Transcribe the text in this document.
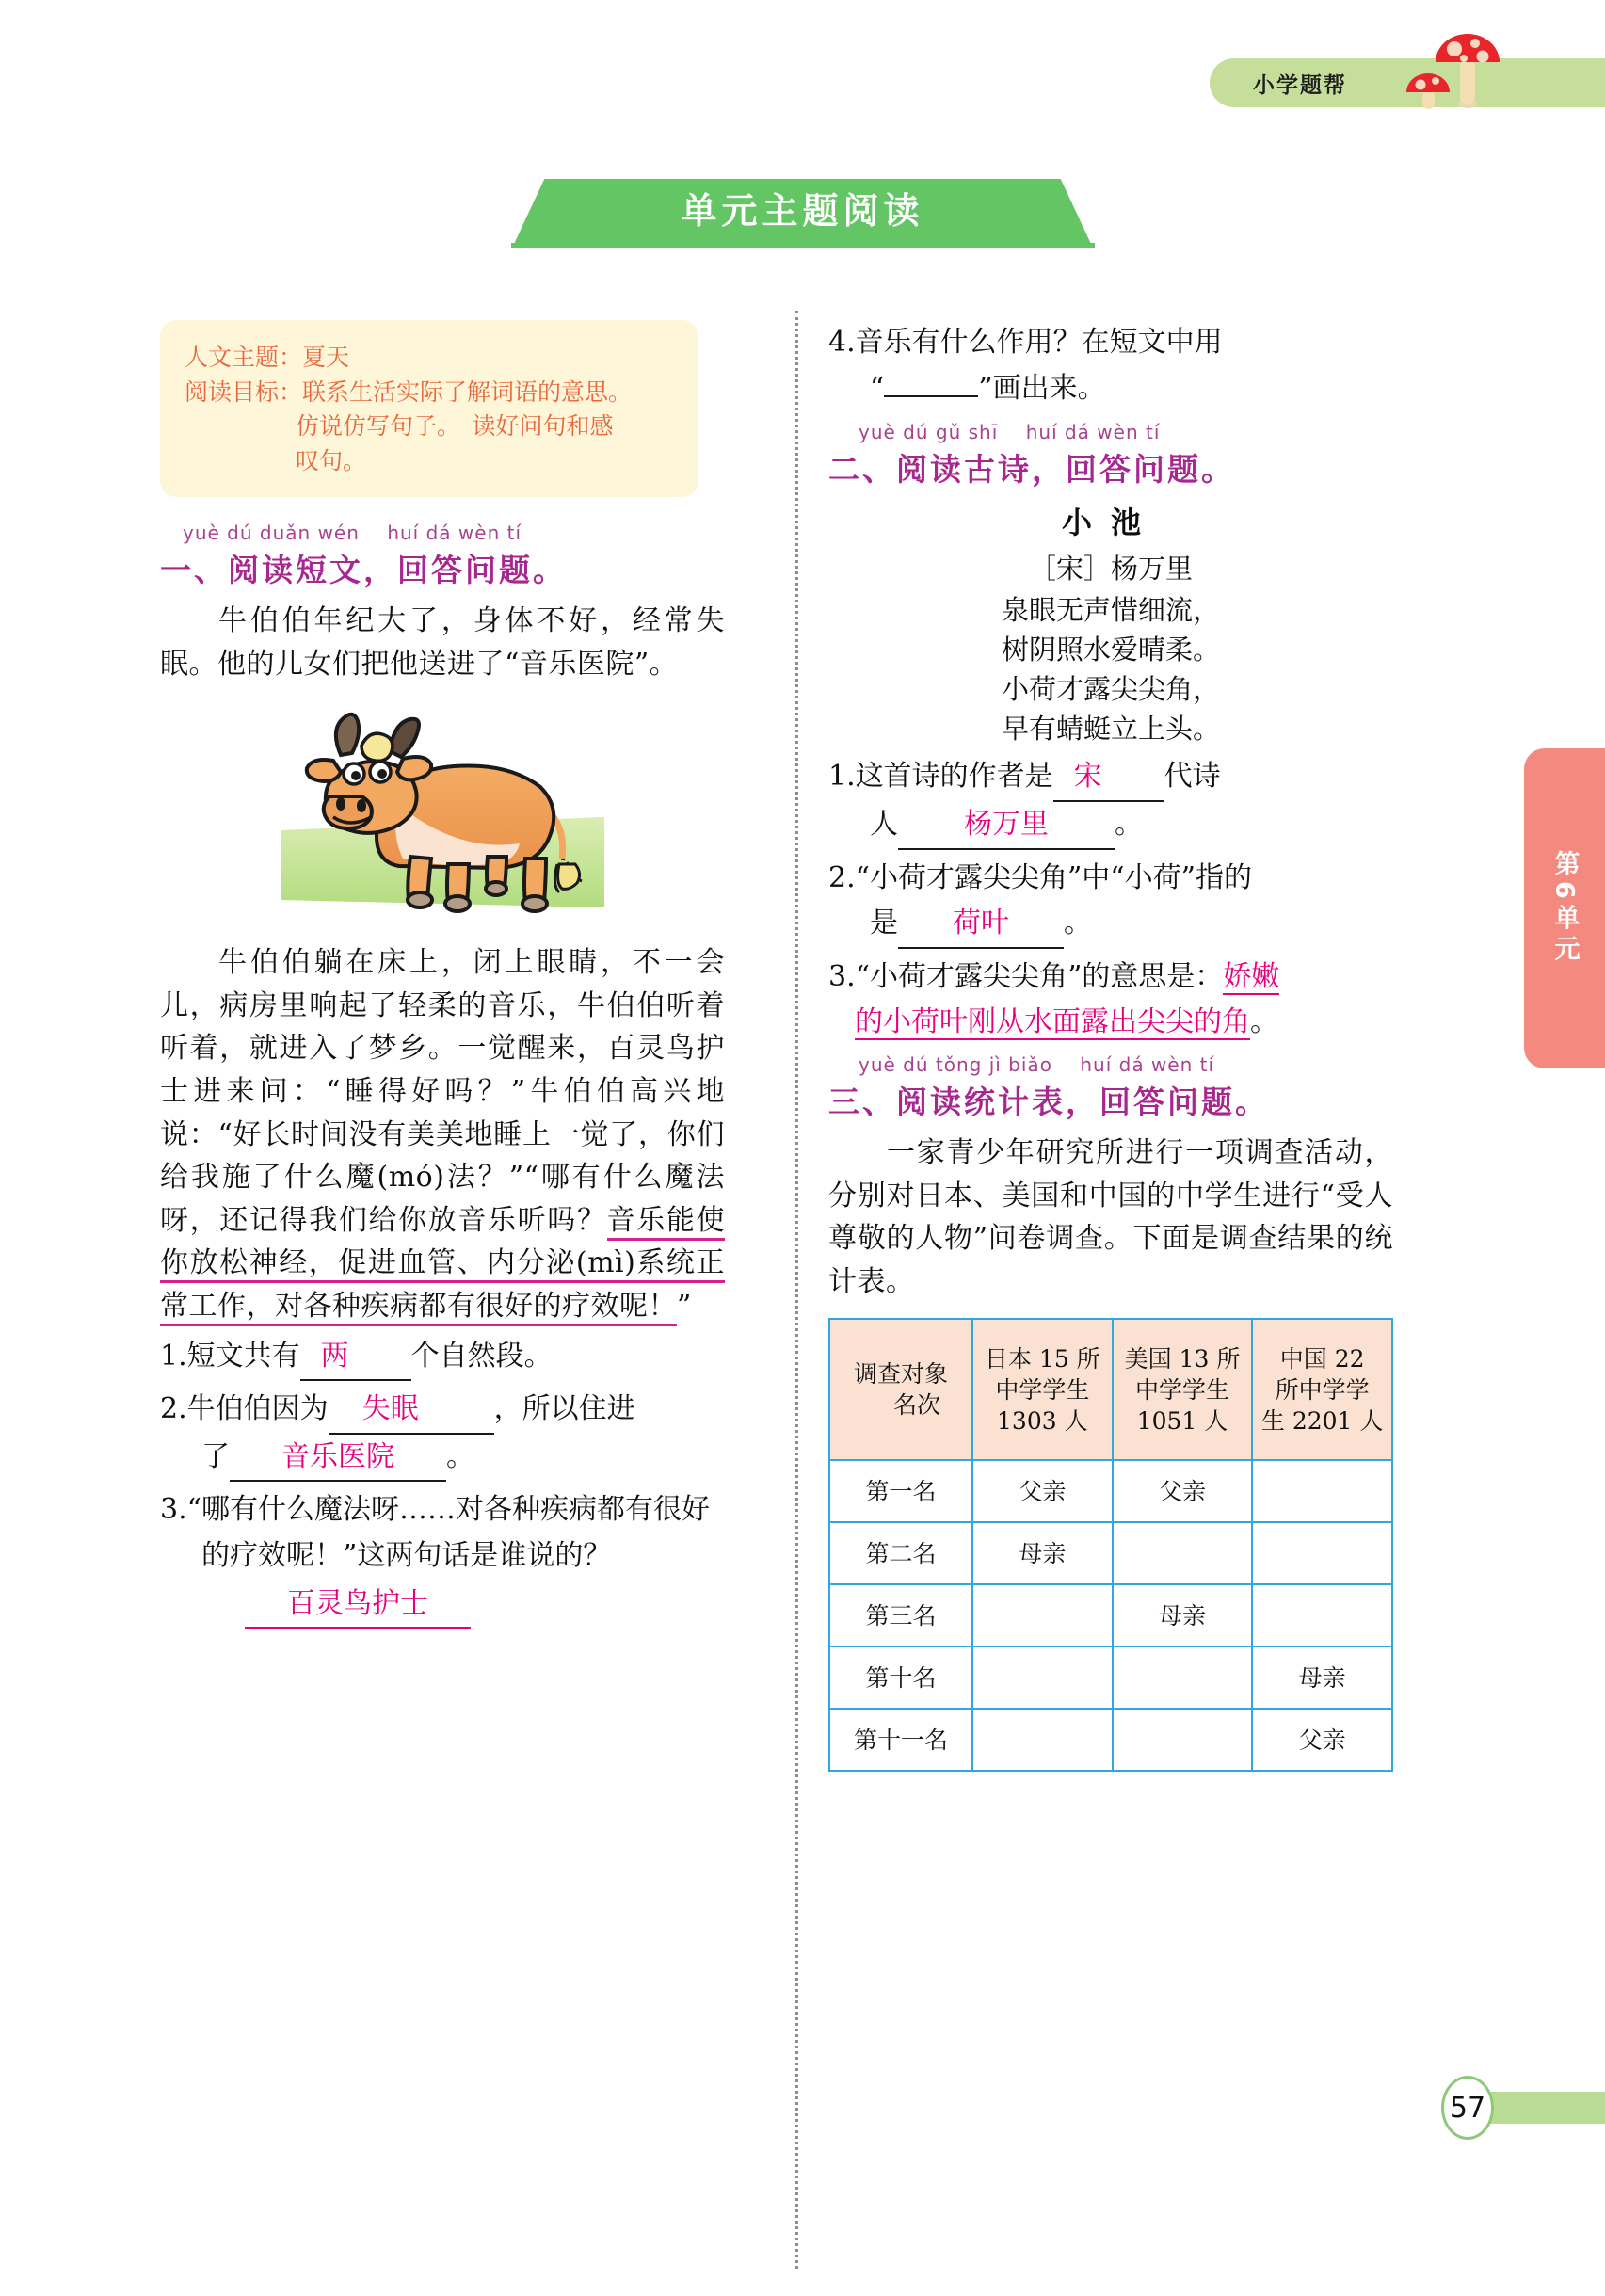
小学题帮
单元主题阅读
第6单元
人文主题： 夏天
阅读目标： 联系生活实际了解词语的意思。
仿说仿写句子。　读好问句和感
叹句。
yuè dú duǎn wén    huí dá wèn tí
一、阅读短文，回答问题。
牛伯伯年纪大了，身体不好，经常失眠。他的儿女们把他送进了“音乐医院”。
牛伯伯躺在床上，闭上眼睛，不一会儿，病房里响起了轻柔的音乐，牛伯伯听着听着，就进入了梦乡。一觉醒来，百灵鸟护士进来问：“睡得好吗？”牛伯伯高兴地说：“好长时间没有美美地睡上一觉了，你们给我施了什么魔(mó)法？”“哪有什么魔法呀，还记得我们给你放音乐听吗？音乐能使你放松神经，促进血管、内分泌(mì)系统正常工作，对各种疾病都有很好的疗效呢！”
1.短文共有 两 个自然段。
2.牛伯伯因为 失眠	，所以住进
了 音乐医院 。
3.“哪有什么魔法呀……对各种疾病都有很好的疗效呢！”这两句话是谁说的？
百灵鸟护士
4.音乐有什么作用？在短文中用
“	”画出来。
yuè dú gǔ shī    huí dá wèn tí
二、阅读古诗，回答问题。
小池
［宋］杨万里
泉眼无声惜细流，
树阴照水爱晴柔。
小荷才露尖尖角，
早有蜻蜓立上头。
1.这首诗的作者是 宋 代诗
人 杨万里 。
2.“小荷才露尖尖角”中“小荷”指的
是 荷叶 。
3.“小荷才露尖尖角”的意思是：娇嫩
的小荷叶刚从水面露出尖尖的角。
yuè dú tǒng jì biǎo    huí dá wèn tí
三、阅读统计表，回答问题。
一家青少年研究所进行一项调查活动，分别对日本、美国和中国的中学生进行“受人尊敬的人物”问卷调查。下面是调查结果的统计表。
调查对象
名次	日本 15 所
中学学生
1303 人	美国 13 所
中学学生
1051 人	中国 22
所中学学
生 2201 人

第一名	父亲	父亲	
第二名	母亲		
第三名		母亲	
第十名			母亲
第十一名			父亲
57
